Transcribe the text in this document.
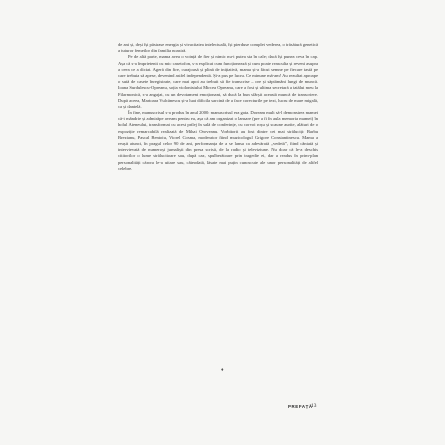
de ani și, deși își păstrase energia și vivacitatea intelectuală, își pierduse complet vederea, o trăsătură genetică a tuturor femeilor din familia noastră.

Pe de altă parte, mama avea o voință de fier și nimic nu-i putea sta în cale; dacă își punea ceva în cap. Așa că s-a împrietenit cu mic casetofon, s-a explicat cum funcționează și cum poate reasculta și reveni asupra a ceea ce a dictat. Ageră din fire, curajoasă și plină de inițiativă, mama și-a făcut semne pe fiecare tastă pe care trebuia să apese, devenind astfel independentă. Și-a pus pe lucru. Ce minune mă-am! Au rezultat aproape o sută de casete înregistrate, care mai apoi au trebuit să fie transcrise – ore și săptămâni lungi de muncă. Ioana Surdulescu-Opreanu, soția violonistului Mircea Opreanu, care a fost și ultima secretară a tatălui meu la Filarmonică, s-a angajat, cu un devotament emoționant, să ducă la bun sfârșit această muncă de transcriere. După aceea, Marioara Vulcănescu și-a luat dificila sarcină de a face corecturile pe text, lucru de mare migală, ca și dantelă.

În fine, manuscrisul s-a produs în anul 2000: manuscrisul era gata. Doream mult să-l demonstrez mamei că-i mândrie și admirăpe aveam pentru ea, așa că am organizat o lansare (pre a fi în aula memoria mamei) în holul Ateneului, transformat cu acest prilej în sală de conferințe, cu corvoi roșu și scaune aurite, alături de o expoziție remarcabilă realizată de Mihai Oroveanu. Vorbitorii au fost dintre cei mai străluciți: Barbu Brezianu, Pascal Bentoiu, Viorel Cosma, moderator fiind muzicologul Grigore Constantinescu. Mama a reușit atunci, în pragul celor 90 de ani, performanța de a se lansa ca adevărată „vedetă”, fiind cântată și intervievată de numeroși jurnaliști din presa scrisă, de la radio și televiziune. Nu doar că le-a deschis cititorilor o lume strălucitoare sau, după caz, spulberătoare prin tragedie ei, dar a readus în prim-plan personalități cărora le-a uitare sau, câteodată, lăsate mai puțin cunoscute ale unor personalități de altfel celebre.

♦
PREFAȚĂ
13
